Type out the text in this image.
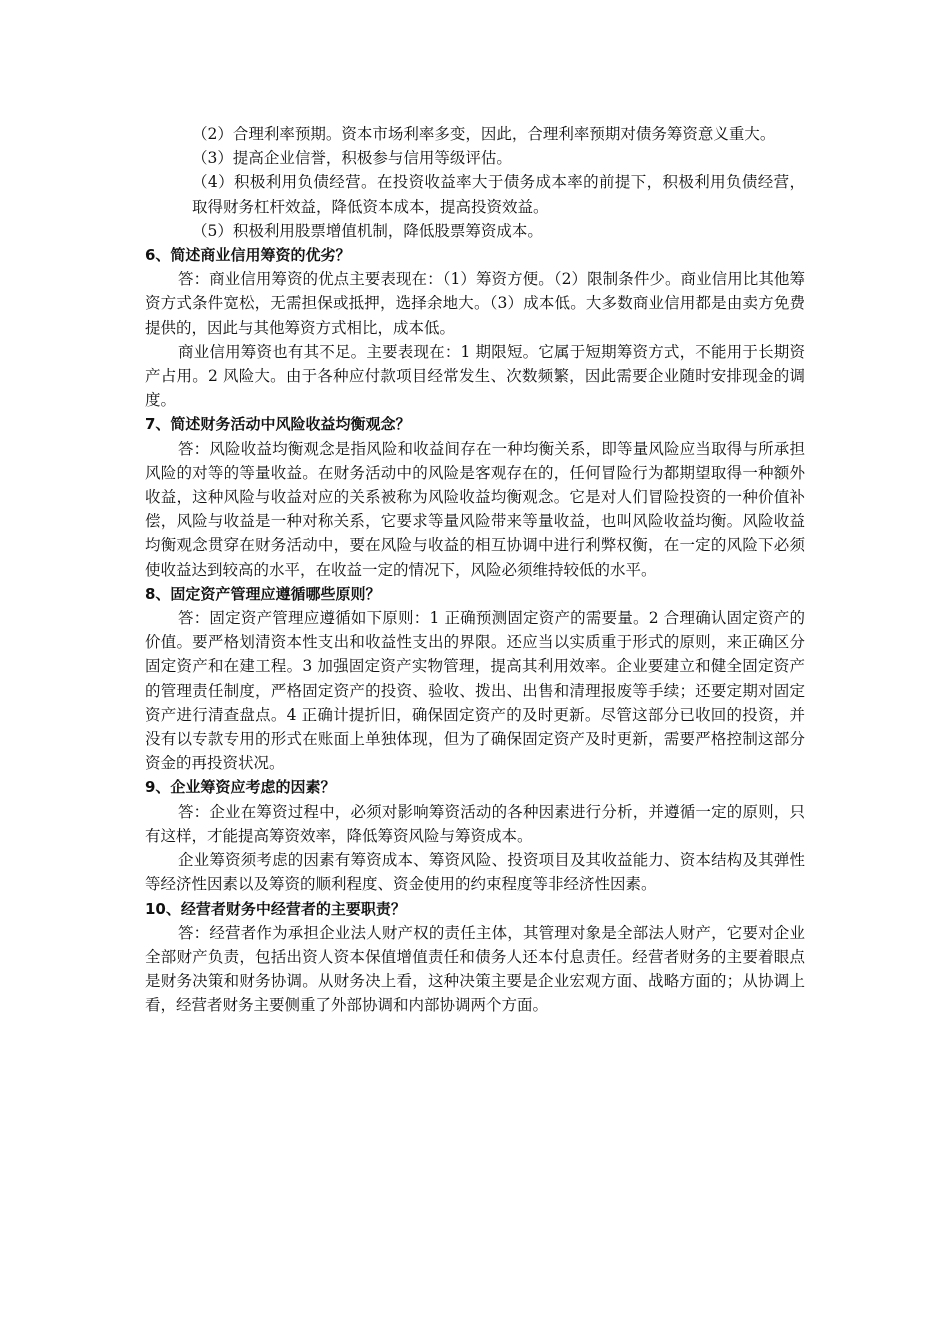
（2）合理利率预期。资本市场利率多变，因此，合理利率预期对债务筹资意义重大。

（3）提高企业信誉，积极参与信用等级评估。

（4）积极利用负债经营。在投资收益率大于债务成本率的前提下，积极利用负债经营，取得财务杠杆效益，降低资本成本，提高投资效益。

（5）积极利用股票增值机制，降低股票筹资成本。

6、简述商业信用筹资的优劣？

答：商业信用筹资的优点主要表现在：（1）筹资方便。（2）限制条件少。商业信用比其他筹资方式条件宽松，无需担保或抵押，选择余地大。（3）成本低。大多数商业信用都是由卖方免费提供的，因此与其他筹资方式相比，成本低。

商业信用筹资也有其不足。主要表现在：1 期限短。它属于短期筹资方式，不能用于长期资产占用。2 风险大。由于各种应付款项目经常发生、次数频繁，因此需要企业随时安排现金的调度。

7、简述财务活动中风险收益均衡观念？

答：风险收益均衡观念是指风险和收益间存在一种均衡关系，即等量风险应当取得与所承担风险的对等的等量收益。在财务活动中的风险是客观存在的，任何冒险行为都期望取得一种额外收益，这种风险与收益对应的关系被称为风险收益均衡观念。它是对人们冒险投资的一种价值补偿，风险与收益是一种对称关系，它要求等量风险带来等量收益，也叫风险收益均衡。风险收益均衡观念贯穿在财务活动中，要在风险与收益的相互协调中进行利弊权衡，在一定的风险下必须使收益达到较高的水平，在收益一定的情况下，风险必须维持较低的水平。

8、固定资产管理应遵循哪些原则？

答：固定资产管理应遵循如下原则：1 正确预测固定资产的需要量。2 合理确认固定资产的价值。要严格划清资本性支出和收益性支出的界限。还应当以实质重于形式的原则，来正确区分固定资产和在建工程。3 加强固定资产实物管理，提高其利用效率。企业要建立和健全固定资产的管理责任制度，严格固定资产的投资、验收、拨出、出售和清理报废等手续；还要定期对固定资产进行清查盘点。4 正确计提折旧，确保固定资产的及时更新。尽管这部分已收回的投资，并没有以专款专用的形式在账面上单独体现，但为了确保固定资产及时更新，需要严格控制这部分资金的再投资状况。

9、企业筹资应考虑的因素？

答：企业在筹资过程中，必须对影响筹资活动的各种因素进行分析，并遵循一定的原则，只有这样，才能提高筹资效率，降低筹资风险与筹资成本。

企业筹资须考虑的因素有筹资成本、筹资风险、投资项目及其收益能力、资本结构及其弹性等经济性因素以及筹资的顺利程度、资金使用的约束程度等非经济性因素。

10、经营者财务中经营者的主要职责？

答：经营者作为承担企业法人财产权的责任主体，其管理对象是全部法人财产，它要对企业全部财产负责，包括出资人资本保值增值责任和债务人还本付息责任。经营者财务的主要着眼点是财务决策和财务协调。从财务决上看，这种决策主要是企业宏观方面、战略方面的；从协调上看，经营者财务主要侧重了外部协调和内部协调两个方面。
